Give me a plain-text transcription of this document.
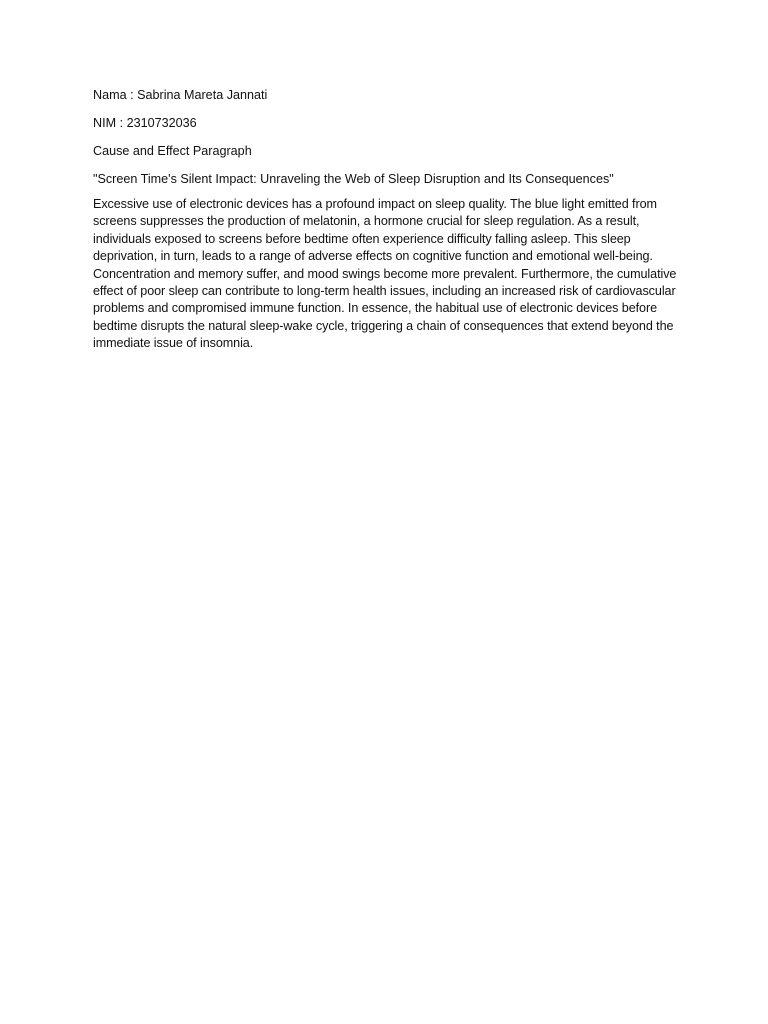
Nama : Sabrina Mareta Jannati

NIM : 2310732036

Cause and Effect Paragraph

"Screen Time's Silent Impact: Unraveling the Web of Sleep Disruption and Its Consequences"

Excessive use of electronic devices has a profound impact on sleep quality. The blue light emitted from screens suppresses the production of melatonin, a hormone crucial for sleep regulation. As a result, individuals exposed to screens before bedtime often experience difficulty falling asleep. This sleep deprivation, in turn, leads to a range of adverse effects on cognitive function and emotional well-being. Concentration and memory suffer, and mood swings become more prevalent. Furthermore, the cumulative effect of poor sleep can contribute to long-term health issues, including an increased risk of cardiovascular problems and compromised immune function. In essence, the habitual use of electronic devices before bedtime disrupts the natural sleep-wake cycle, triggering a chain of consequences that extend beyond the immediate issue of insomnia.
